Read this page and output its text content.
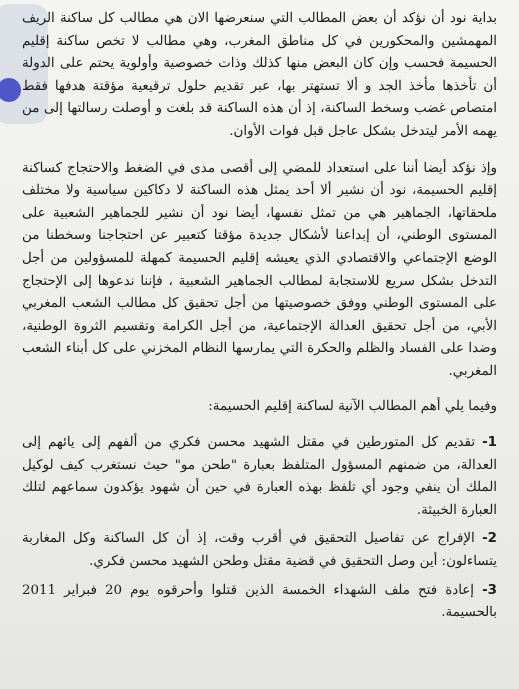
بداية نود أن نؤكد أن بعض المطالب التي سنعرضها الان هي مطالب كل ساكنة الريف المهمشين والمحكورين في كل مناطق المغرب، وهي مطالب لا تخص ساكنة إقليم الحسيمة فحسب وإن كان البعض منها كذلك وذات خصوصية وأولوية يحتم على الدولة أن تأخذها مأخذ الجد و ألا تستهتر بها، عبر تقديم حلول ترقيعية مؤقتة هدفها فقط امتصاص غضب وسخط الساكنة، إذ أن هذه الساكنة قد بلغت و أوصلت رسالتها إلى من يهمه الأمر ليتدخل بشكل عاجل قبل فوات الأوان.

وإذ نؤكد أيضا أننا على استعداد للمضي إلى أقصى مدى في الضغط والاحتجاج كساكنة إقليم الحسيمة، نود أن نشير ألا أحد يمثل هذه الساكنة لا دكاكين سياسية ولا مختلف ملحقاتها، الجماهير هي من تمثل نفسها، أيضا نود أن نشير للجماهير الشعبية على المستوى الوطني، أن إبداعنا لأشكال جديدة مؤقتا كتعبير عن احتجاجنا وسخطنا من الوضع الإجتماعي والاقتصادي الذي يعيشه إقليم الحسيمة كمهلة للمسؤولين من أجل التدخل بشكل سريع للاستجابة لمطالب الجماهير الشعبية ، فإننا ندعوها إلى الإحتجاج على المستوى الوطني ووفق خصوصيتها من أجل تحقيق كل مطالب الشعب المغربي الأبي، من أجل تحقيق العدالة الإجتماعية، من أجل الكرامة وتقسيم الثروة الوطنية، وضدا على الفساد والظلم والحكرة التي يمارسها النظام المخزني على كل أبناء الشعب المغربي.

وفيما يلي أهم المطالب الآنية لساكنة إقليم الحسيمة:

1- تقديم كل المتورطين في مقتل الشهيد محسن فكري من ألفهم إلى يائهم إلى العدالة، من ضمنهم المسؤول المتلفظ بعبارة "طحن مو" حيث نستغرب كيف لوكيل الملك أن ينفي وجود أي تلفظ بهذه العبارة في حين أن شهود يؤكدون سماعهم لتلك العبارة الخبيثة.

2- الإفراج عن تفاصيل التحقيق في أقرب وقت، إذ أن كل الساكنة وكل المغاربة يتساءلون: أين وصل التحقيق في قضية مقتل وطحن الشهيد محسن فكري.

3- إعادة فتح ملف الشهداء الخمسة الذين قتلوا وأحرقوه يوم 20 فبراير 2011 بالحسيمة.
